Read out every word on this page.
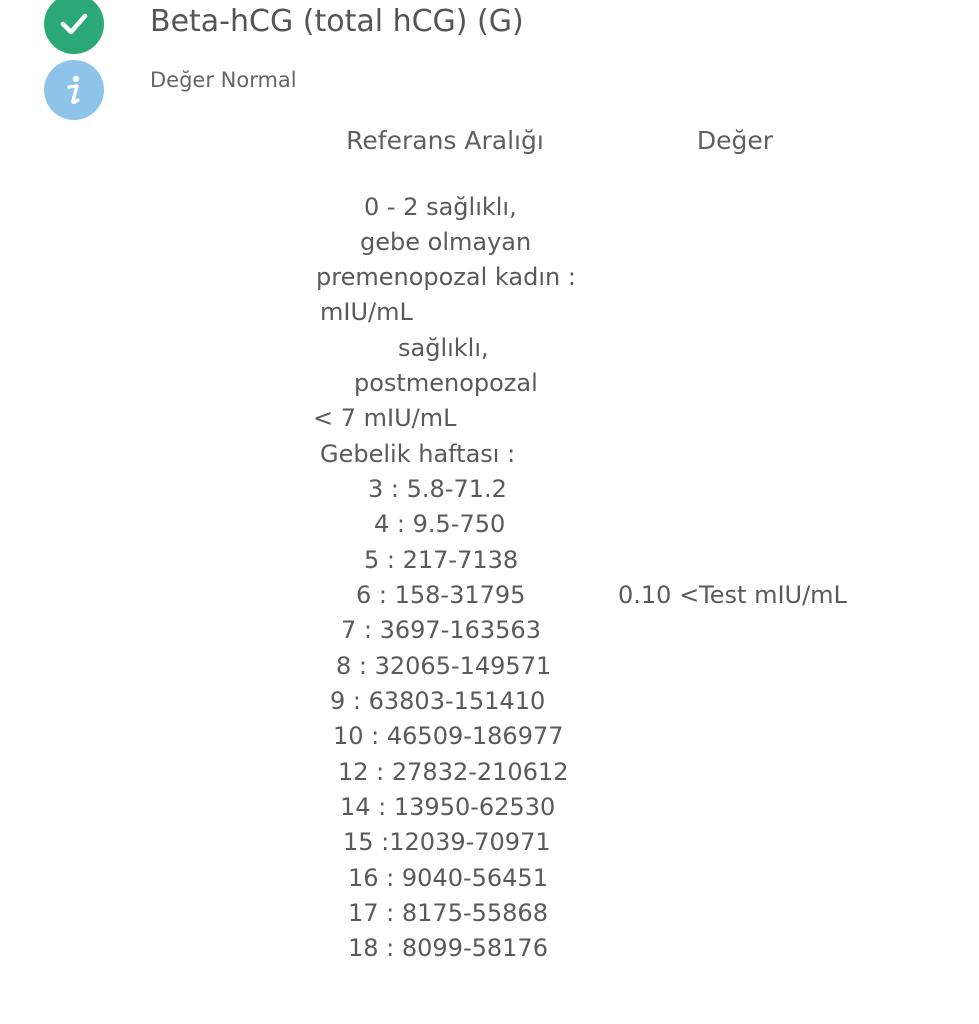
Beta-hCG (total hCG) (G)
Değer Normal
Referans Aralığı	Değer
0 - 2 sağlıklı,
gebe olmayan
premenopozal kadın :
mIU/mL
sağlıklı,
postmenopozal
< 7 mIU/mL
Gebelik haftası :
3 : 5.8-71.2
4 : 9.5-750
5 : 217-7138
6 : 158-31795
7 : 3697-163563
8 : 32065-149571
9 : 63803-151410
10 : 46509-186977
12 : 27832-210612
14 : 13950-62530
15 :12039-70971
16 : 9040-56451
17 : 8175-55868
18 : 8099-58176
0.10 <Test mIU/mL
